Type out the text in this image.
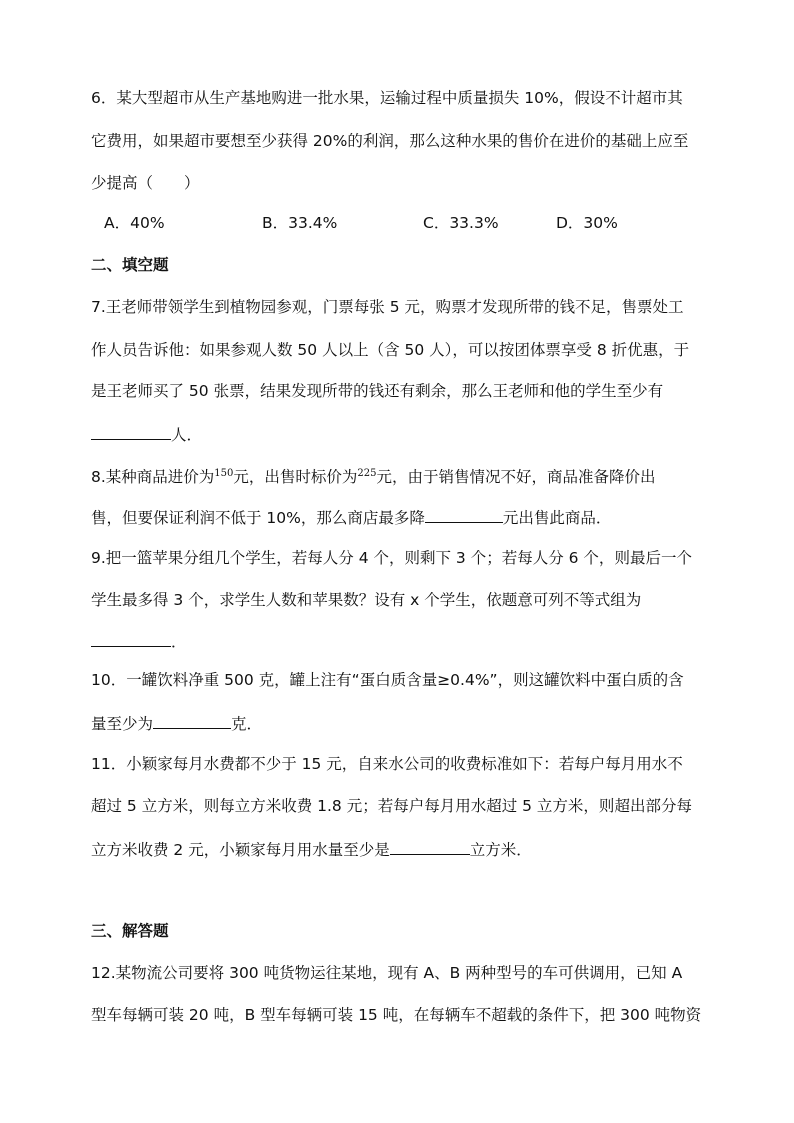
6．某大型超市从生产基地购进一批水果，运输过程中质量损失 10%，假设不计超市其
它费用，如果超市要想至少获得 20%的利润，那么这种水果的售价在进价的基础上应至
少提高（　　）
A．40%	B．33.4%	C．33.3%	D．30%
二、填空题
7.王老师带领学生到植物园参观，门票每张 5 元，购票才发现所带的钱不足，售票处工
作人员告诉他：如果参观人数 50 人以上（含 50 人），可以按团体票享受 8 折优惠，于
是王老师买了 50 张票，结果发现所带的钱还有剩余，那么王老师和他的学生至少有
人．
8.某种商品进价为$^{150}$元，出售时标价为$^{225}$元，由于销售情况不好，商品准备降价出
售，但要保证利润不低于 10%，那么商店最多降	元出售此商品．
9.把一篮苹果分组几个学生，若每人分 4 个，则剩下 3 个；若每人分 6 个，则最后一个
学生最多得 3 个，求学生人数和苹果数？设有 x 个学生，依题意可列不等式组为
．
10．一罐饮料净重 500 克，罐上注有“蛋白质含量≥0.4%”，则这罐饮料中蛋白质的含
量至少为	克．
11．小颖家每月水费都不少于 15 元，自来水公司的收费标准如下：若每户每月用水不
超过 5 立方米，则每立方米收费 1.8 元；若每户每月用水超过 5 立方米，则超出部分每
立方米收费 2 元，小颖家每月用水量至少是	立方米．
三、解答题
12.某物流公司要将 300 吨货物运往某地，现有 A、B 两种型号的车可供调用，已知 A
型车每辆可装 20 吨，B 型车每辆可装 15 吨，在每辆车不超载的条件下，把 300 吨物资
